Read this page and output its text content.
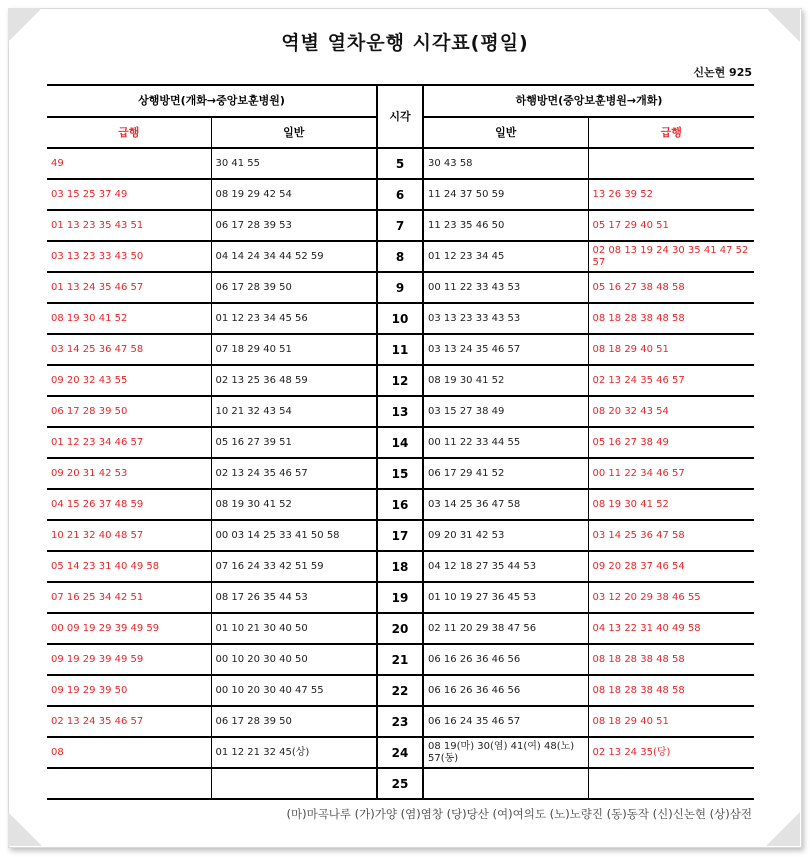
역별 열차운행 시각표(평일)
신논현 925
상행방면(개화→중앙보훈병원)		시각	하행방면(중앙보훈병원→개화)	
급행	일반		일반	급행
49	30 41 55	5	30 43 58	
03 15 25 37 49	08 19 29 42 54	6	11 24 37 50 59	13 26 39 52
01 13 23 35 43 51	06 17 28 39 53	7	11 23 35 46 50	05 17 29 40 51
03 13 23 33 43 50	04 14 24 34 44 52 59	8	01 12 23 34 45	02 08 13 19 24 30 35 41 47 52 57
01 13 24 35 46 57	06 17 28 39 50	9	00 11 22 33 43 53	05 16 27 38 48 58
08 19 30 41 52	01 12 23 34 45 56	10	03 13 23 33 43 53	08 18 28 38 48 58
03 14 25 36 47 58	07 18 29 40 51	11	03 13 24 35 46 57	08 18 29 40 51
09 20 32 43 55	02 13 25 36 48 59	12	08 19 30 41 52	02 13 24 35 46 57
06 17 28 39 50	10 21 32 43 54	13	03 15 27 38 49	08 20 32 43 54
01 12 23 34 46 57	05 16 27 39 51	14	00 11 22 33 44 55	05 16 27 38 49
09 20 31 42 53	02 13 24 35 46 57	15	06 17 29 41 52	00 11 22 34 46 57
04 15 26 37 48 59	08 19 30 41 52	16	03 14 25 36 47 58	08 19 30 41 52
10 21 32 40 48 57	00 03 14 25 33 41 50 58	17	09 20 31 42 53	03 14 25 36 47 58
05 14 23 31 40 49 58	07 16 24 33 42 51 59	18	04 12 18 27 35 44 53	09 20 28 37 46 54
07 16 25 34 42 51	08 17 26 35 44 53	19	01 10 19 27 36 45 53	03 12 20 29 38 46 55
00 09 19 29 39 49 59	01 10 21 30 40 50	20	02 11 20 29 38 47 56	04 13 22 31 40 49 58
09 19 29 39 49 59	00 10 20 30 40 50	21	06 16 26 36 46 56	08 18 28 38 48 58
09 19 29 39 50	00 10 20 30 40 47 55	22	06 16 26 36 46 56	08 18 28 38 48 58
02 13 24 35 46 57	06 17 28 39 50	23	06 16 24 35 46 57	08 18 29 40 51
08	01 12 21 32 45(상)	24	08 19(마) 30(염) 41(여) 48(노) 57(동)	02 13 24 35(당)
		25		
(마)마곡나루 (가)가양 (염)염창 (당)당산 (여)여의도 (노)노량진 (동)동작 (신)신논현 (상)삼전
